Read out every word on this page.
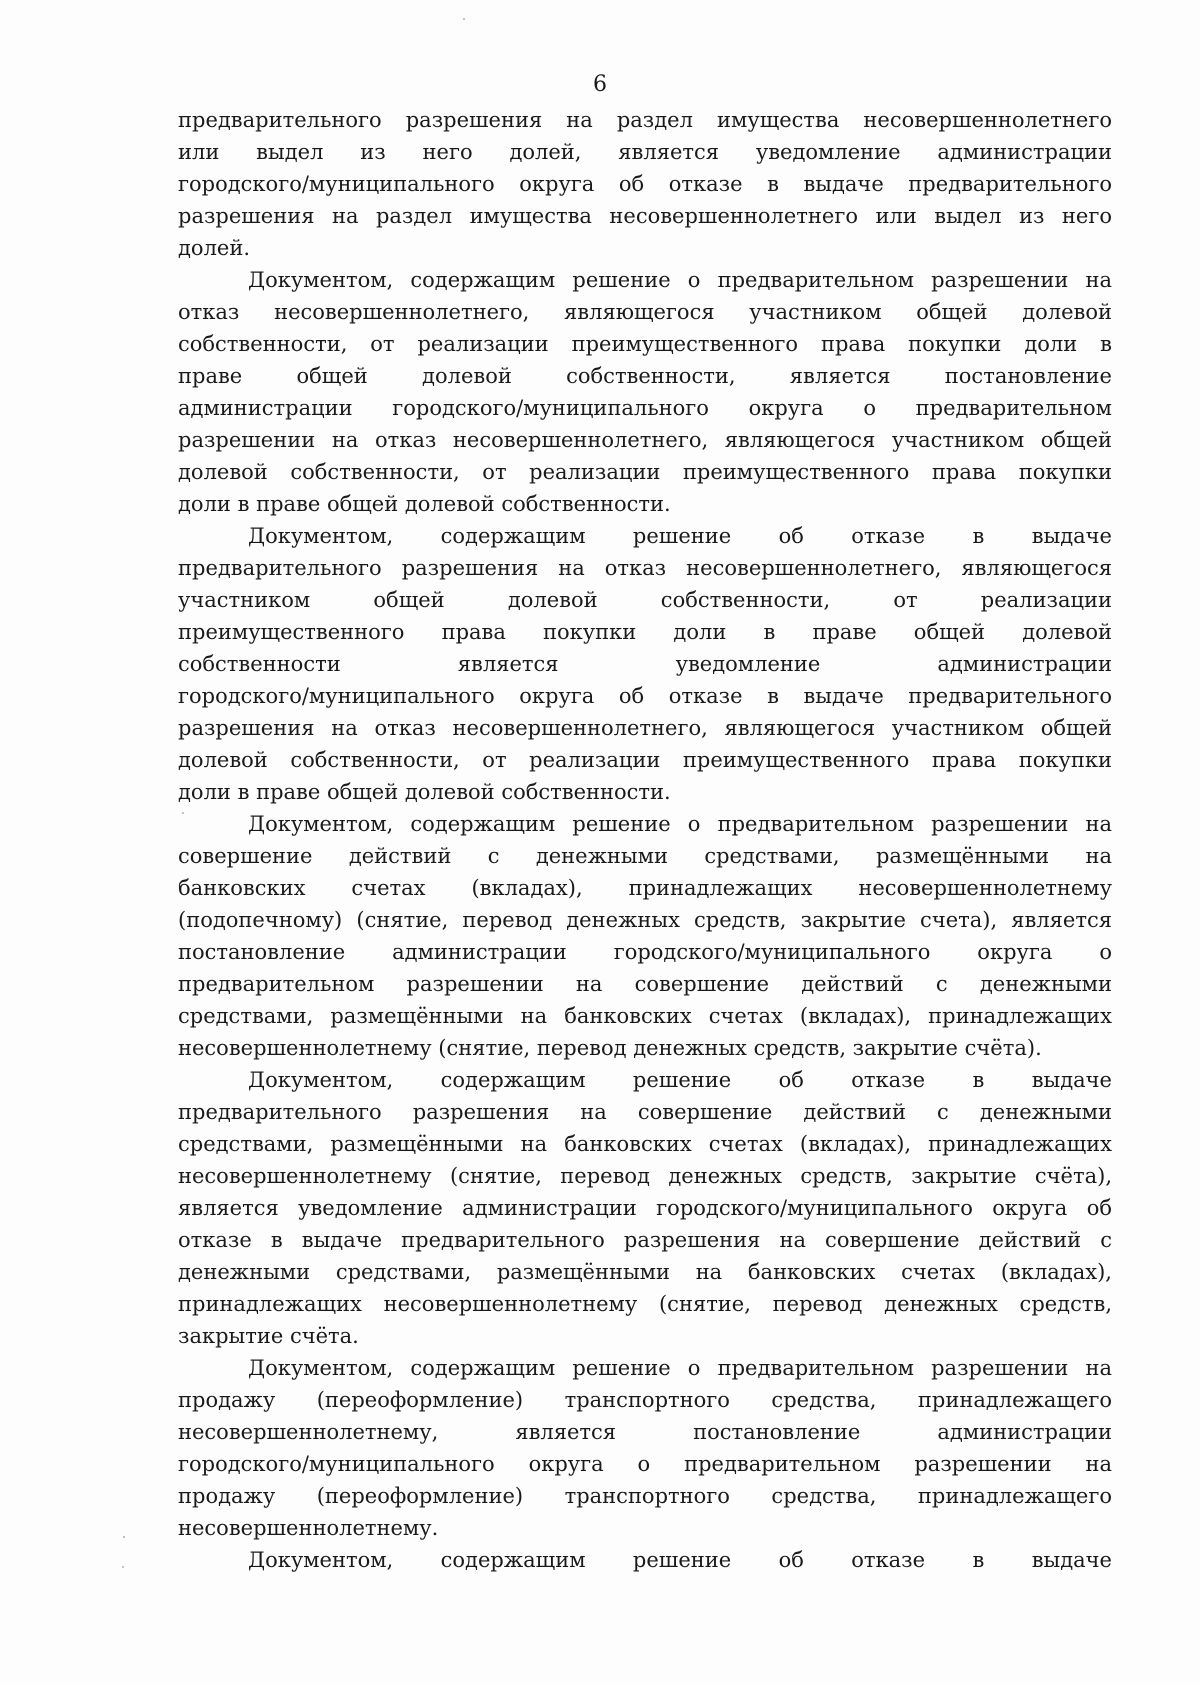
6
предварительного разрешения на раздел имущества несовершеннолетнего
или выдел из него долей, является уведомление администрации
городского/муниципального округа об отказе в выдаче предварительного
разрешения на раздел имущества несовершеннолетнего или выдел из него
долей.
Документом, содержащим решение о предварительном разрешении на
отказ несовершеннолетнего, являющегося участником общей долевой
собственности, от реализации преимущественного права покупки доли в
праве общей долевой собственности, является постановление
администрации городского/муниципального округа о предварительном
разрешении на отказ несовершеннолетнего, являющегося участником общей
долевой собственности, от реализации преимущественного права покупки
доли в праве общей долевой собственности.
Документом, содержащим решение об отказе в выдаче
предварительного разрешения на отказ несовершеннолетнего, являющегося
участником общей долевой собственности, от реализации
преимущественного права покупки доли в праве общей долевой
собственности является уведомление администрации
городского/муниципального округа об отказе в выдаче предварительного
разрешения на отказ несовершеннолетнего, являющегося участником общей
долевой собственности, от реализации преимущественного права покупки
доли в праве общей долевой собственности.
Документом, содержащим решение о предварительном разрешении на
совершение действий с денежными средствами, размещёнными на
банковских счетах (вкладах), принадлежащих несовершеннолетнему
(подопечному) (снятие, перевод денежных средств, закрытие счета), является
постановление администрации городского/муниципального округа о
предварительном разрешении на совершение действий с денежными
средствами, размещёнными на банковских счетах (вкладах), принадлежащих
несовершеннолетнему (снятие, перевод денежных средств, закрытие счёта).
Документом, содержащим решение об отказе в выдаче
предварительного разрешения на совершение действий с денежными
средствами, размещёнными на банковских счетах (вкладах), принадлежащих
несовершеннолетнему (снятие, перевод денежных средств, закрытие счёта),
является уведомление администрации городского/муниципального округа об
отказе в выдаче предварительного разрешения на совершение действий с
денежными средствами, размещёнными на банковских счетах (вкладах),
принадлежащих несовершеннолетнему (снятие, перевод денежных средств,
закрытие счёта.
Документом, содержащим решение о предварительном разрешении на
продажу (переоформление) транспортного средства, принадлежащего
несовершеннолетнему, является постановление администрации
городского/муниципального округа о предварительном разрешении на
продажу (переоформление) транспортного средства, принадлежащего
несовершеннолетнему.
Документом, содержащим решение об отказе в выдаче
